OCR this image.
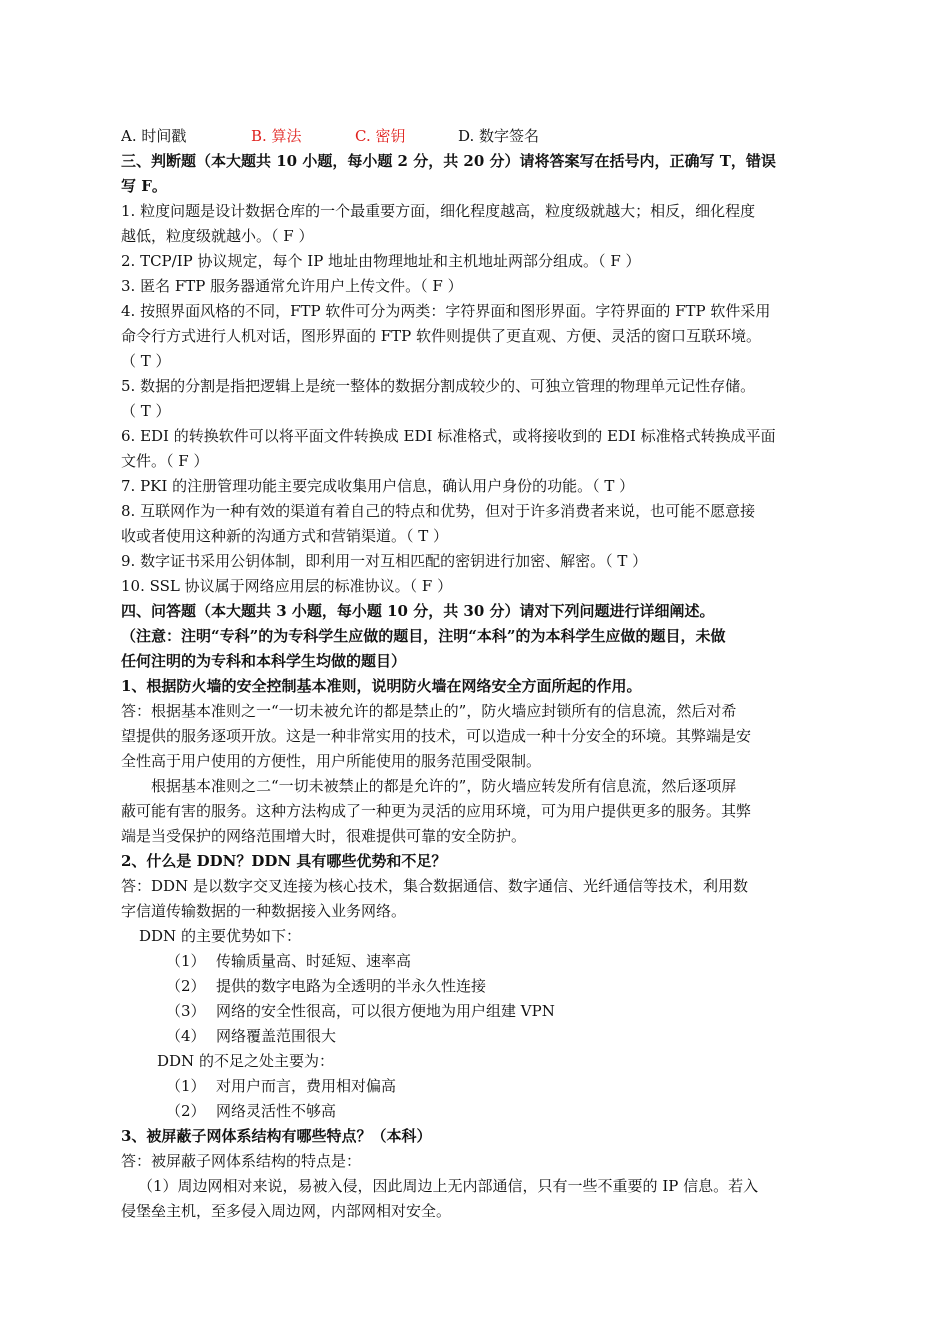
A. 时间戳	B. 算法	C. 密钥	D. 数字签名
三、判断题（本大题共 10 小题，每小题 2 分，共 20 分）请将答案写在括号内，正确写 T，错误
写 F。
1. 粒度问题是设计数据仓库的一个最重要方面，细化程度越高，粒度级就越大；相反，细化程度
越低，粒度级就越小。（ F ）
2. TCP/IP 协议规定，每个 IP 地址由物理地址和主机地址两部分组成。（ F ）
3. 匿名 FTP 服务器通常允许用户上传文件。（ F ）
4. 按照界面风格的不同，FTP 软件可分为两类：字符界面和图形界面。字符界面的 FTP 软件采用
命令行方式进行人机对话，图形界面的 FTP 软件则提供了更直观、方便、灵活的窗口互联环境。
（ T ）
5. 数据的分割是指把逻辑上是统一整体的数据分割成较少的、可独立管理的物理单元记性存储。
（ T ）
6. EDI 的转换软件可以将平面文件转换成 EDI 标准格式，或将接收到的 EDI 标准格式转换成平面
文件。（ F ）
7. PKI 的注册管理功能主要完成收集用户信息，确认用户身份的功能。（ T ）
8. 互联网作为一种有效的渠道有着自己的特点和优势，但对于许多消费者来说，也可能不愿意接
收或者使用这种新的沟通方式和营销渠道。（ T ）
9. 数字证书采用公钥体制，即利用一对互相匹配的密钥进行加密、解密。（ T ）
10. SSL 协议属于网络应用层的标准协议。（ F ）
四、问答题（本大题共 3 小题，每小题 10 分，共 30 分）请对下列问题进行详细阐述。
（注意：注明“专科”的为专科学生应做的题目，注明“本科”的为本科学生应做的题目，未做
任何注明的为专科和本科学生均做的题目）
1、根据防火墙的安全控制基本准则，说明防火墙在网络安全方面所起的作用。
答：根据基本准则之一“一切未被允许的都是禁止的”，防火墙应封锁所有的信息流，然后对希
望提供的服务逐项开放。这是一种非常实用的技术，可以造成一种十分安全的环境。其弊端是安
全性高于用户使用的方便性，用户所能使用的服务范围受限制。
根据基本准则之二“一切未被禁止的都是允许的”，防火墙应转发所有信息流，然后逐项屏
蔽可能有害的服务。这种方法构成了一种更为灵活的应用环境，可为用户提供更多的服务。其弊
端是当受保护的网络范围增大时，很难提供可靠的安全防护。
2、什么是 DDN？DDN 具有哪些优势和不足？
答：DDN 是以数字交叉连接为核心技术，集合数据通信、数字通信、光纤通信等技术，利用数
字信道传输数据的一种数据接入业务网络。
DDN 的主要优势如下：
（1） 传输质量高、时延短、速率高
（2） 提供的数字电路为全透明的半永久性连接
（3） 网络的安全性很高，可以很方便地为用户组建 VPN
（4） 网络覆盖范围很大
DDN 的不足之处主要为：
（1） 对用户而言，费用相对偏高
（2） 网络灵活性不够高
3、被屏蔽子网体系结构有哪些特点？（本科）
答：被屏蔽子网体系结构的特点是：
（1）周边网相对来说，易被入侵，因此周边上无内部通信，只有一些不重要的 IP 信息。若入
侵堡垒主机，至多侵入周边网，内部网相对安全。
